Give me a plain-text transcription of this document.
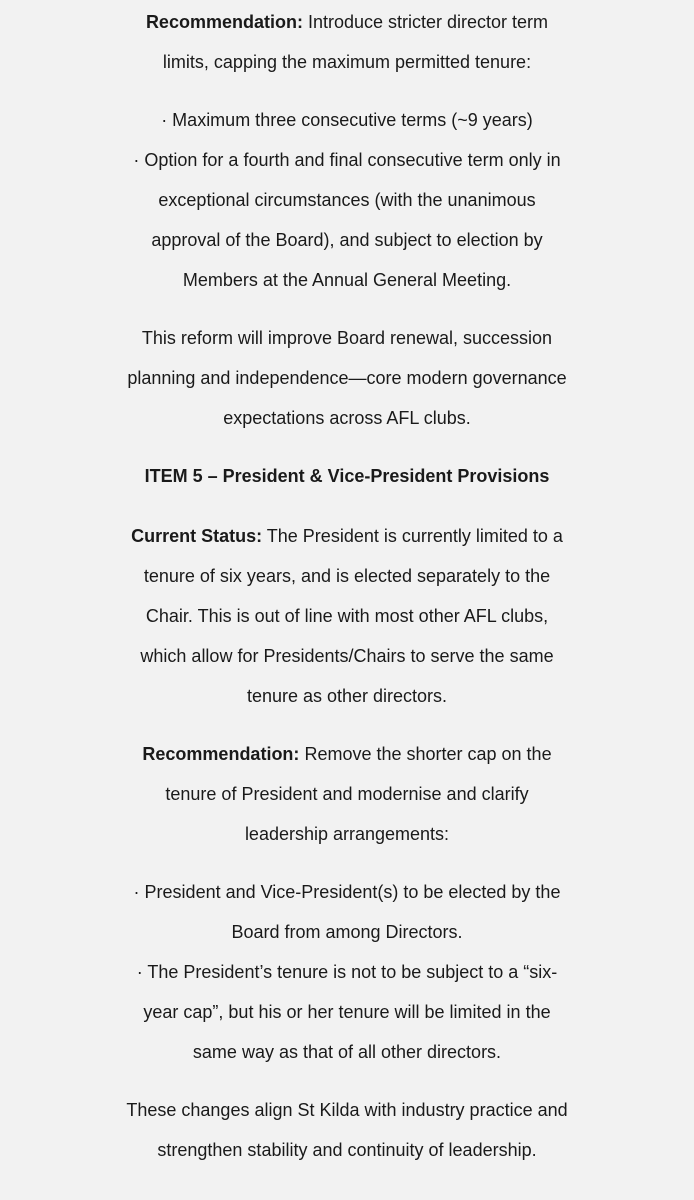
Recommendation: Introduce stricter director term
limits, capping the maximum permitted tenure:
· Maximum three consecutive terms (~9 years)
· Option for a fourth and final consecutive term only in
exceptional circumstances (with the unanimous
approval of the Board), and subject to election by
Members at the Annual General Meeting.
This reform will improve Board renewal, succession
planning and independence—core modern governance
expectations across AFL clubs.
ITEM 5 – President & Vice-President Provisions
Current Status: The President is currently limited to a
tenure of six years, and is elected separately to the
Chair. This is out of line with most other AFL clubs,
which allow for Presidents/Chairs to serve the same
tenure as other directors.
Recommendation: Remove the shorter cap on the
tenure of President and modernise and clarify
leadership arrangements:
· President and Vice-President(s) to be elected by the
Board from among Directors.
· The President’s tenure is not to be subject to a “six-
year cap”, but his or her tenure will be limited in the
same way as that of all other directors.
These changes align St Kilda with industry practice and
strengthen stability and continuity of leadership.
